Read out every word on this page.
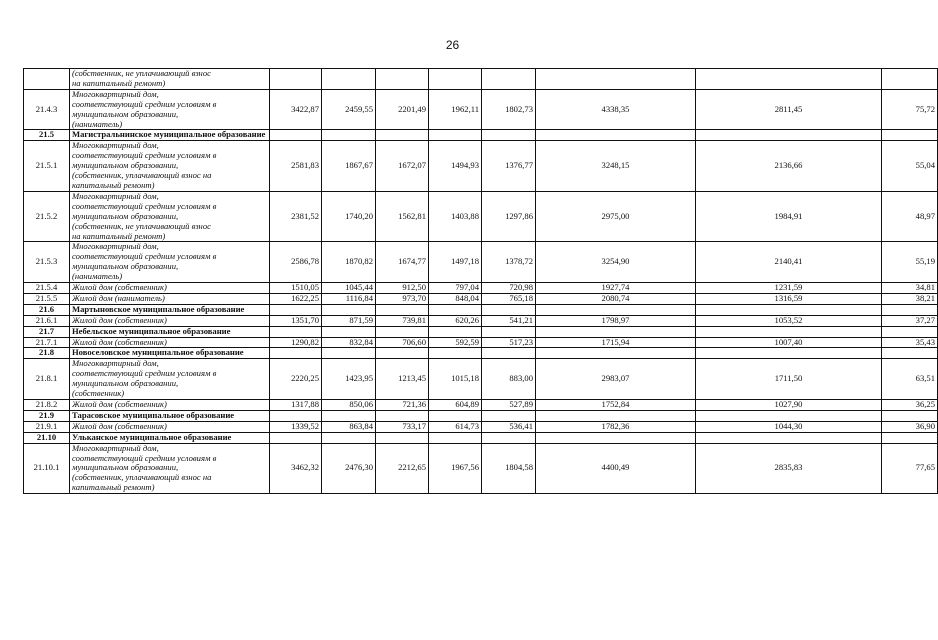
26
	(собственник, не уплачивающий взнос
на капитальный ремонт)								
21.4.3	Многоквартирный дом,
соответствующий средним условиям в
муниципальном образовании,
(наниматель)	3422,87	2459,55	2201,49	1962,11	1802,73	4338,35	2811,45	75,72
21.5	Магистральнинское муниципальное образование								
21.5.1	Многоквартирный дом,
соответствующий средним условиям в
муниципальном образовании,
(собственник, уплачивающий взнос на
капитальный ремонт)	2581,83	1867,67	1672,07	1494,93	1376,77	3248,15	2136,66	55,04
21.5.2	Многоквартирный дом,
соответствующий средним условиям в
муниципальном образовании,
(собственник, не уплачивающий взнос
на капитальный ремонт)	2381,52	1740,20	1562,81	1403,88	1297,86	2975,00	1984,91	48,97
21.5.3	Многоквартирный дом,
соответствующий средним условиям в
муниципальном образовании,
(наниматель)	2586,78	1870,82	1674,77	1497,18	1378,72	3254,90	2140,41	55,19
21.5.4	Жилой дом (собственник)	1510,05	1045,44	912,50	797,04	720,98	1927,74	1231,59	34,81
21.5.5	Жилой дом (наниматель)	1622,25	1116,84	973,70	848,04	765,18	2080,74	1316,59	38,21
21.6	Мартыновское муниципальное образование								
21.6.1	Жилой дом (собственник)	1351,70	871,59	739,81	620,26	541,21	1798,97	1053,52	37,27
21.7	Небельское муниципальное образование								
21.7.1	Жилой дом (собственник)	1290,82	832,84	706,60	592,59	517,23	1715,94	1007,40	35,43
21.8	Новоселовское муниципальное образование								
21.8.1	Многоквартирный дом,
соответствующий средним условиям в
муниципальном образовании,
(собственник)	2220,25	1423,95	1213,45	1015,18	883,00	2983,07	1711,50	63,51
21.8.2	Жилой дом (собственник)	1317,88	850,06	721,36	604,89	527,89	1752,84	1027,90	36,25
21.9	Тарасовское муниципальное образование								
21.9.1	Жилой дом (собственник)	1339,52	863,84	733,17	614,73	536,41	1782,36	1044,30	36,90
21.10	Ульканское муниципальное образование								
21.10.1	Многоквартирный дом,
соответствующий средним условиям в
муниципальном образовании,
(собственник, уплачивающий взнос на
капитальный ремонт)	3462,32	2476,30	2212,65	1967,56	1804,58	4400,49	2835,83	77,65
